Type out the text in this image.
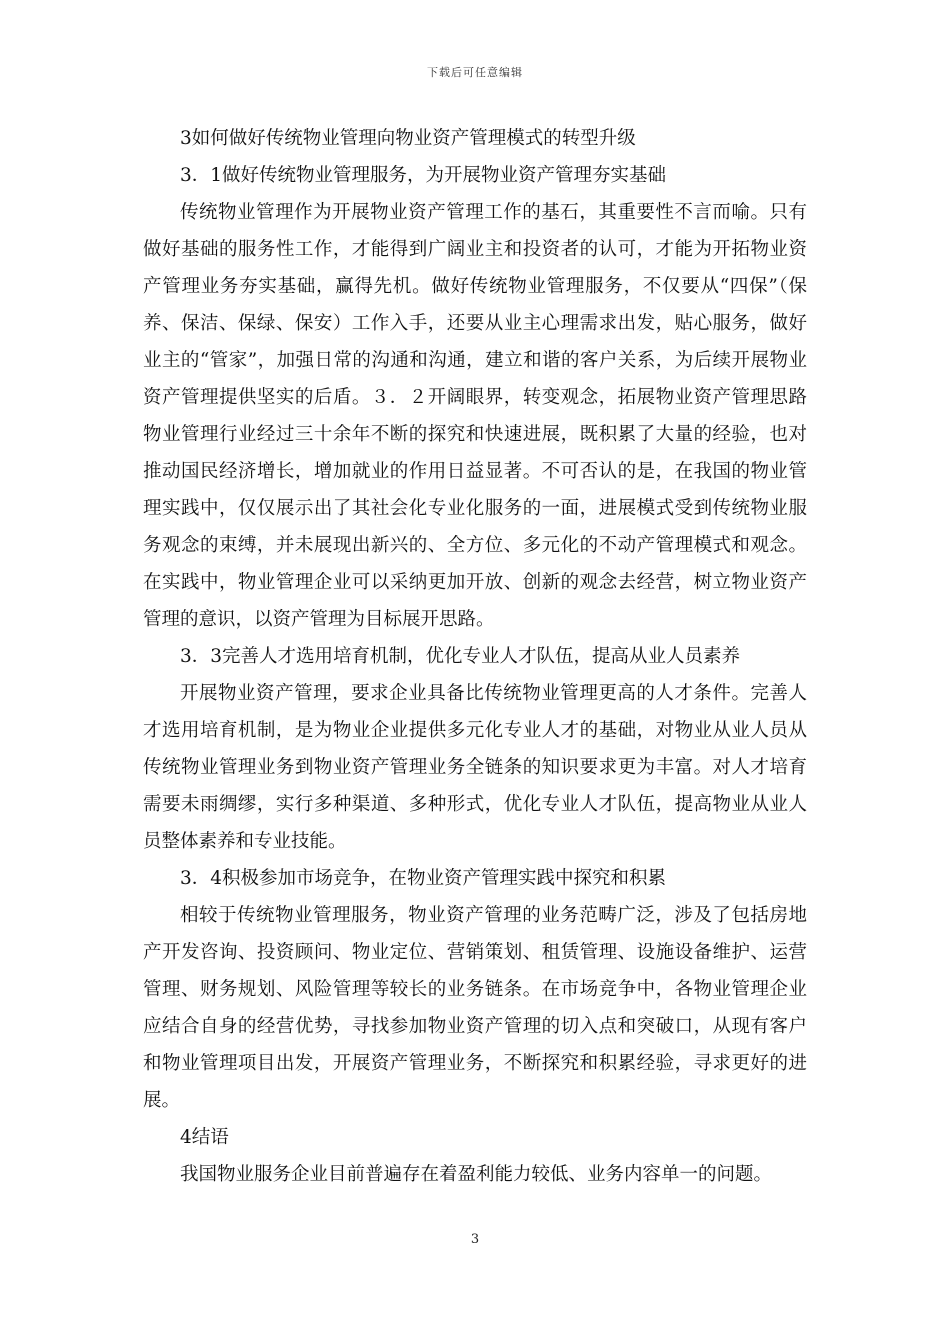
下载后可任意编辑

3如何做好传统物业管理向物业资产管理模式的转型升级

3．1做好传统物业管理服务，为开展物业资产管理夯实基础

传统物业管理作为开展物业资产管理工作的基石，其重要性不言而喻。只有做好基础的服务性工作，才能得到广阔业主和投资者的认可，才能为开拓物业资产管理业务夯实基础，赢得先机。做好传统物业管理服务，不仅要从“四保”（保养、保洁、保绿、保安）工作入手，还要从业主心理需求出发，贴心服务，做好业主的“管家”，加强日常的沟通和沟通，建立和谐的客户关系，为后续开展物业资产管理提供坚实的后盾。３．２开阔眼界，转变观念，拓展物业资产管理思路物业管理行业经过三十余年不断的探究和快速进展，既积累了大量的经验，也对推动国民经济增长，增加就业的作用日益显著。不可否认的是，在我国的物业管理实践中，仅仅展示出了其社会化专业化服务的一面，进展模式受到传统物业服务观念的束缚，并未展现出新兴的、全方位、多元化的不动产管理模式和观念。在实践中，物业管理企业可以采纳更加开放、创新的观念去经营，树立物业资产管理的意识，以资产管理为目标展开思路。

3．3完善人才选用培育机制，优化专业人才队伍，提高从业人员素养

开展物业资产管理，要求企业具备比传统物业管理更高的人才条件。完善人才选用培育机制，是为物业企业提供多元化专业人才的基础，对物业从业人员从传统物业管理业务到物业资产管理业务全链条的知识要求更为丰富。对人才培育需要未雨绸缪，实行多种渠道、多种形式，优化专业人才队伍，提高物业从业人员整体素养和专业技能。

3．4积极参加市场竞争，在物业资产管理实践中探究和积累

相较于传统物业管理服务，物业资产管理的业务范畴广泛，涉及了包括房地产开发咨询、投资顾问、物业定位、营销策划、租赁管理、设施设备维护、运营管理、财务规划、风险管理等较长的业务链条。在市场竞争中，各物业管理企业应结合自身的经营优势，寻找参加物业资产管理的切入点和突破口，从现有客户和物业管理项目出发，开展资产管理业务，不断探究和积累经验，寻求更好的进展。

4结语

我国物业服务企业目前普遍存在着盈利能力较低、业务内容单一的问题。

3
